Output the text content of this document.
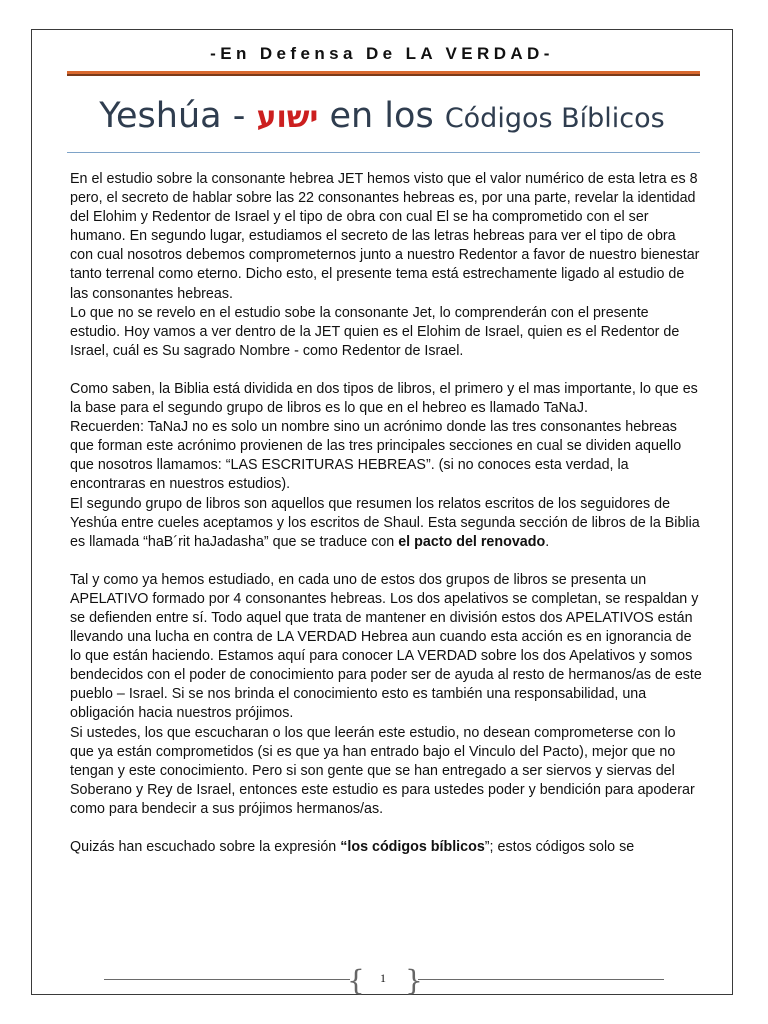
-En Defensa De LA VERDAD-
Yeshúa - ישוע en los Códigos Bíblicos

En el estudio sobre la consonante hebrea JET hemos visto que el valor numérico de esta letra es 8 pero, el secreto de hablar sobre las 22 consonantes hebreas es, por una parte, revelar la identidad del Elohim y Redentor de Israel y el tipo de obra con cual El se ha comprometido con el ser humano. En segundo lugar, estudiamos el secreto de las letras hebreas para ver el tipo de obra con cual nosotros debemos comprometernos junto a nuestro Redentor a favor de nuestro bienestar tanto terrenal como eterno. Dicho esto, el presente tema está estrechamente ligado al estudio de las consonantes hebreas.

Lo que no se revelo en el estudio sobe la consonante Jet, lo comprenderán con el presente estudio. Hoy vamos a ver dentro de la JET quien es el Elohim de Israel, quien es el Redentor de Israel, cuál es Su sagrado Nombre - como Redentor de Israel.

Como saben, la Biblia está dividida en dos tipos de libros, el primero y el mas importante, lo que es la base para el segundo grupo de libros es lo que en el hebreo es llamado TaNaJ.

Recuerden: TaNaJ no es solo un nombre sino un acrónimo donde las tres consonantes hebreas que forman este acrónimo provienen de las tres principales secciones en cual se dividen aquello que nosotros llamamos: “LAS ESCRITURAS HEBREAS”. (si no conoces esta verdad, la encontraras en nuestros estudios).

El segundo grupo de libros son aquellos que resumen los relatos escritos de los seguidores de Yeshúa entre cueles aceptamos y los escritos de Shaul. Esta segunda sección de libros de la Biblia es llamada “haB´rit haJadasha” que se traduce con el pacto del renovado.

Tal y como ya hemos estudiado, en cada uno de estos dos grupos de libros se presenta un APELATIVO formado por 4 consonantes hebreas. Los dos apelativos se completan, se respaldan y se defienden entre sí. Todo aquel que trata de mantener en división estos dos APELATIVOS están llevando una lucha en contra de LA VERDAD Hebrea aun cuando esta acción es en ignorancia de lo que están haciendo. Estamos aquí para conocer LA VERDAD sobre los dos Apelativos y somos bendecidos con el poder de conocimiento para poder ser de ayuda al resto de hermanos/as de este pueblo – Israel. Si se nos brinda el conocimiento esto es también una responsabilidad, una obligación hacia nuestros prójimos.

Si ustedes, los que escucharan o los que leerán este estudio, no desean comprometerse con lo que ya están comprometidos (si es que ya han entrado bajo el Vinculo del Pacto), mejor que no tengan y este conocimiento. Pero si son gente que se han entregado a ser siervos y siervas del Soberano y Rey de Israel, entonces este estudio es para ustedes poder y bendición para apoderar como para bendecir a sus prójimos hermanos/as.

Quizás han escuchado sobre la expresión “los códigos bíblicos”; estos códigos solo se

{	1 }
